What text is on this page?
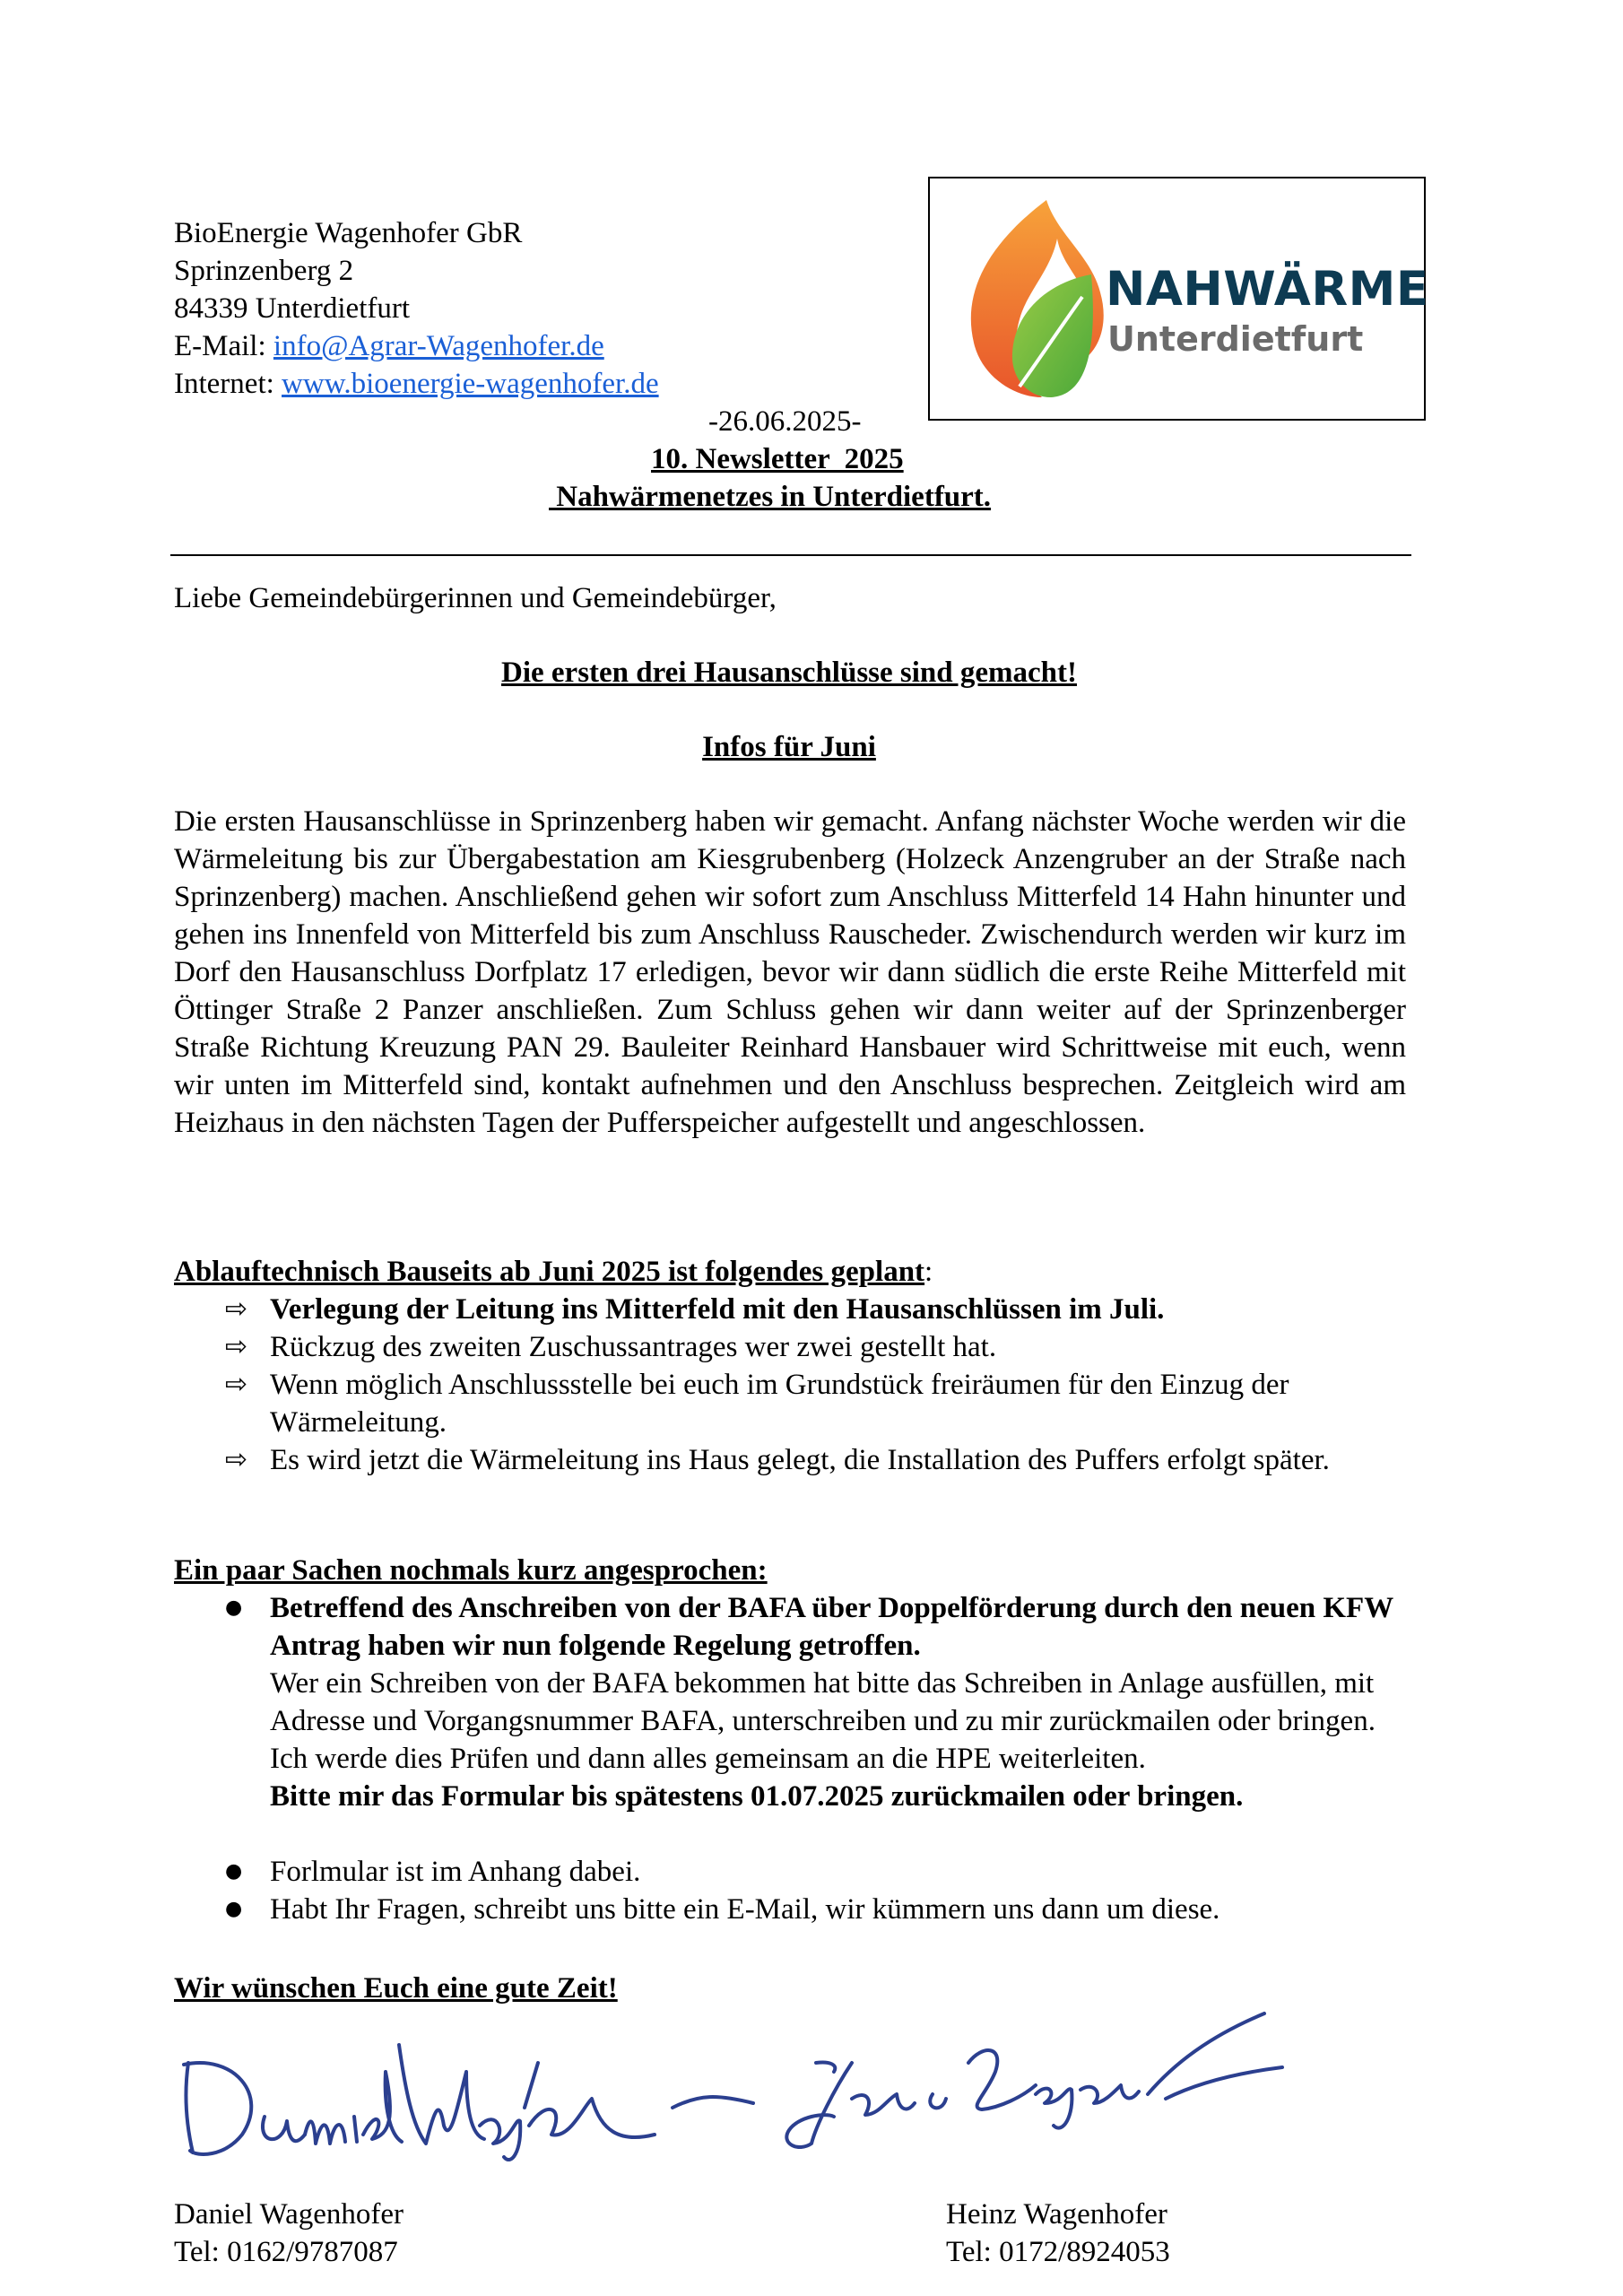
BioEnergie Wagenhofer GbR
Sprinzenberg 2
84339 Unterdietfurt
E-Mail: info@Agrar-Wagenhofer.de
Internet: www.bioenergie-wagenhofer.de
NAHWÄRME
Unterdietfurt
-26.06.2025-
10. Newsletter  2025
Nahwärmenetzes in Unterdietfurt.
Liebe Gemeindebürgerinnen und Gemeindebürger,
Die ersten drei Hausanschlüsse sind gemacht!
Infos für Juni
Die ersten Hausanschlüsse in Sprinzenberg haben wir gemacht. Anfang nächster Woche werden wir die Wärmeleitung bis zur Übergabestation am Kiesgrubenberg (Holzeck Anzengruber an der Straße nach Sprinzenberg) machen. Anschließend gehen wir sofort zum Anschluss Mitterfeld 14 Hahn hinunter und gehen ins Innenfeld von Mitterfeld bis zum Anschluss Rauscheder. Zwischendurch werden wir kurz im Dorf den Hausanschluss Dorfplatz 17 erledigen, bevor wir dann südlich die erste Reihe Mitterfeld mit Öttinger Straße 2 Panzer anschließen. Zum Schluss gehen wir dann weiter auf der Sprinzenberger Straße Richtung Kreuzung PAN 29. Bauleiter Reinhard Hansbauer wird Schrittweise mit euch, wenn wir unten im Mitterfeld sind, kontakt aufnehmen und den Anschluss besprechen. Zeitgleich wird am Heizhaus in den nächsten Tagen der Pufferspeicher aufgestellt und angeschlossen.
Ablauftechnisch Bauseits ab Juni 2025 ist folgendes geplant:
⇨ Verlegung der Leitung ins Mitterfeld mit den Hausanschlüssen im Juli.
⇨ Rückzug des zweiten Zuschussantrages wer zwei gestellt hat.
⇨ Wenn möglich Anschlussstelle bei euch im Grundstück freiräumen für den Einzug der Wärmeleitung.
⇨ Es wird jetzt die Wärmeleitung ins Haus gelegt, die Installation des Puffers erfolgt später.
Ein paar Sachen nochmals kurz angesprochen:
● Betreffend des Anschreiben von der BAFA über Doppelförderung durch den neuen KFW Antrag haben wir nun folgende Regelung getroffen.
Wer ein Schreiben von der BAFA bekommen hat bitte das Schreiben in Anlage ausfüllen, mit Adresse und Vorgangsnummer BAFA, unterschreiben und zu mir zurückmailen oder bringen.
Ich werde dies Prüfen und dann alles gemeinsam an die HPE weiterleiten.
Bitte mir das Formular bis spätestens 01.07.2025 zurückmailen oder bringen.
● Forlmular ist im Anhang dabei.
● Habt Ihr Fragen, schreibt uns bitte ein E-Mail, wir kümmern uns dann um diese.
Wir wünschen Euch eine gute Zeit!
Daniel Wagenhofer
Tel: 0162/9787087
Heinz Wagenhofer
Tel: 0172/8924053
